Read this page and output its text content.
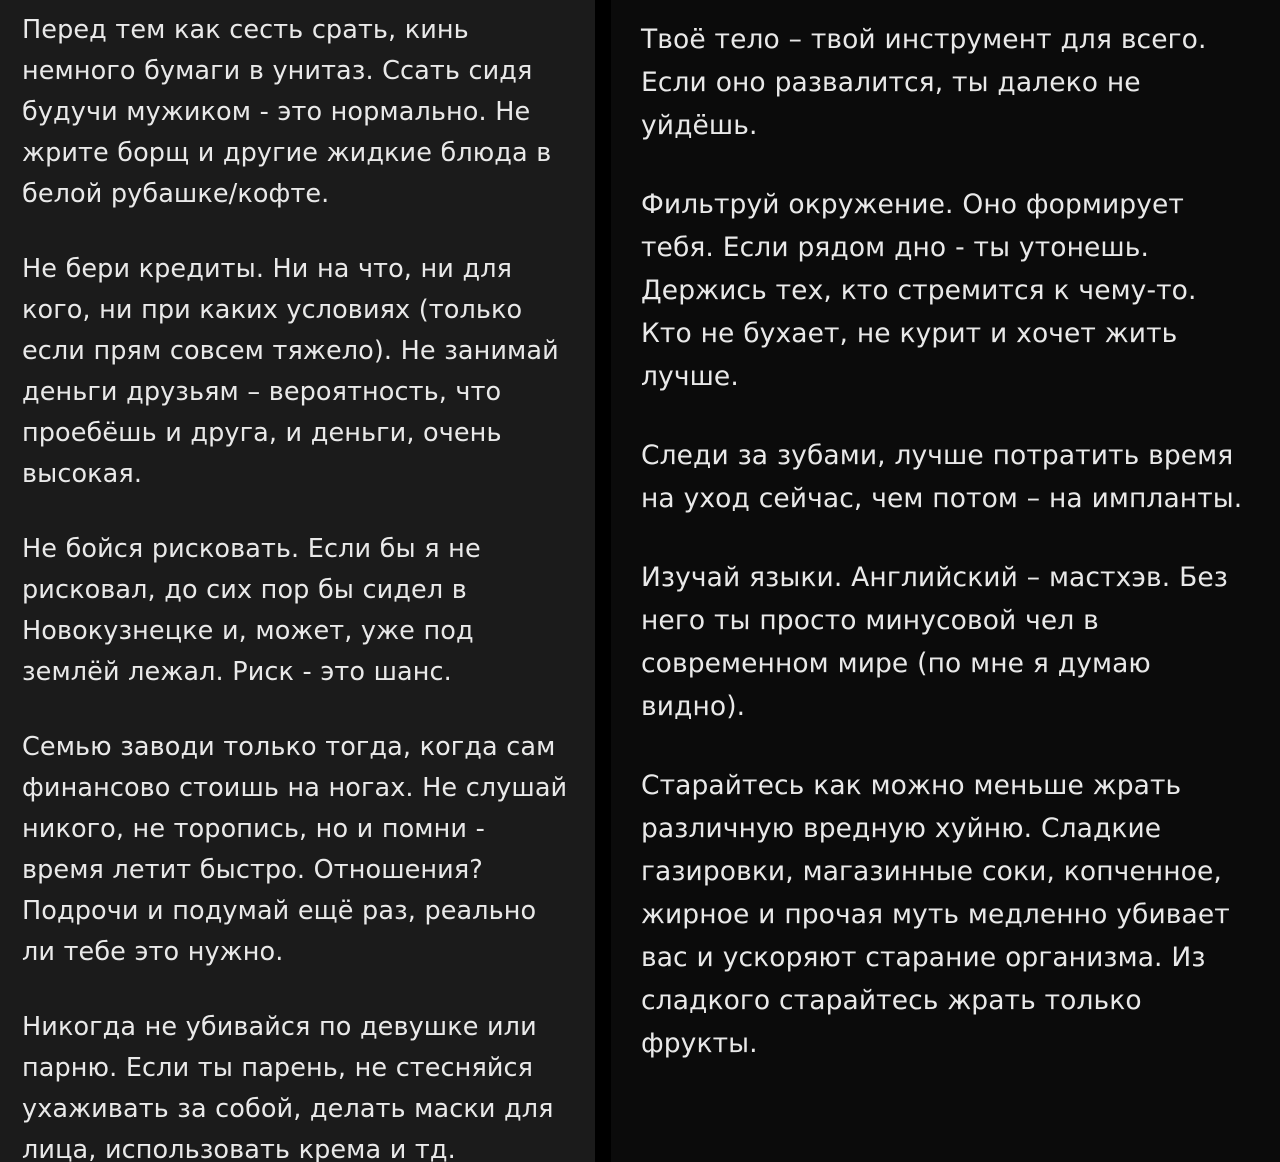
Перед тем как сесть срать, кинь немного бумаги в унитаз. Ссать сидя будучи мужиком - это нормально. Не жрите борщ и другие жидкие блюда в белой рубашке/кофте.

Не бери кредиты. Ни на что, ни для кого, ни при каких условиях (только если прям совсем тяжело). Не занимай деньги друзьям – вероятность, что проебёшь и друга, и деньги, очень высокая.

Не бойся рисковать. Если бы я не рисковал, до сих пор бы сидел в Новокузнецке и, может, уже под землёй лежал. Риск - это шанс.

Семью заводи только тогда, когда сам финансово стоишь на ногах. Не слушай никого, не торопись, но и помни - время летит быстро. Отношения? Подрочи и подумай ещё раз, реально ли тебе это нужно.

Никогда не убивайся по девушке или парню. Если ты парень, не стесняйся ухаживать за собой, делать маски для лица, использовать крема и тд.

Твоё тело – твой инструмент для всего. Если оно развалится, ты далеко не уйдёшь.

Фильтруй окружение. Оно формирует тебя. Если рядом дно - ты утонешь. Держись тех, кто стремится к чему-то. Кто не бухает, не курит и хочет жить лучше.

Следи за зубами, лучше потратить время на уход сейчас, чем потом – на импланты.

Изучай языки. Английский – мастхэв. Без него ты просто минусовой чел в современном мире (по мне я думаю видно).

Старайтесь как можно меньше жрать различную вредную хуйню. Сладкие газировки, магазинные соки, копченное, жирное и прочая муть медленно убивает вас и ускоряют старание организма. Из сладкого старайтесь жрать только фрукты.
